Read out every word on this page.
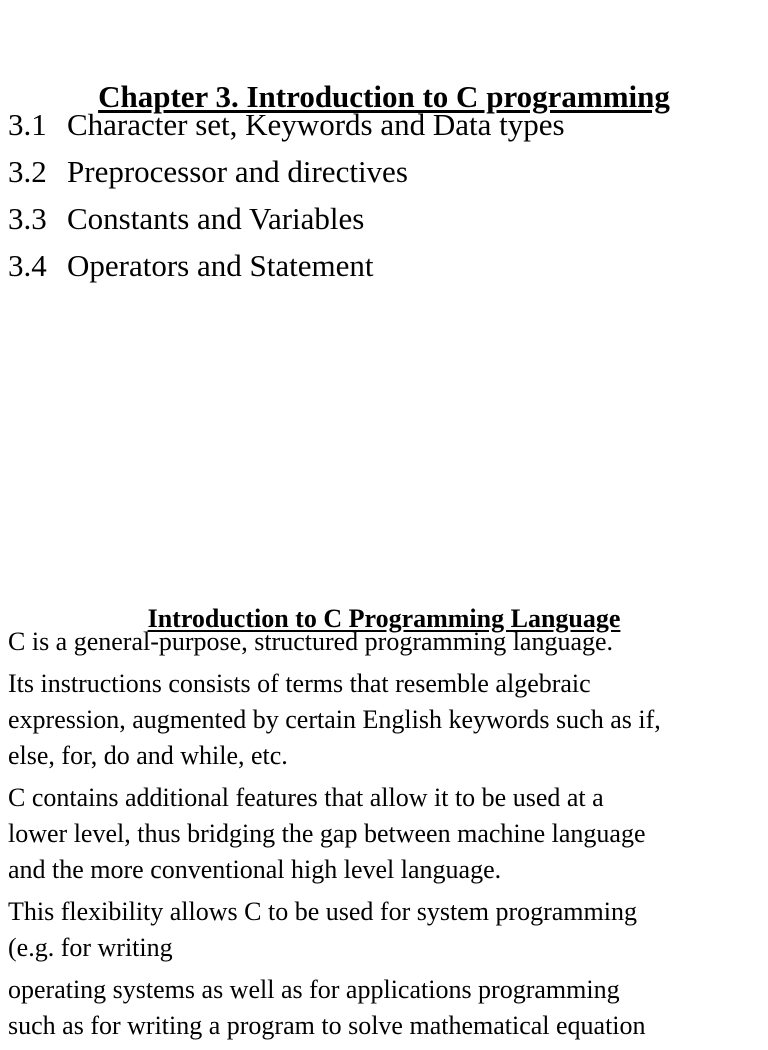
Chapter 3. Introduction to C programming
3.1 Character set, Keywords and Data types
3.2 Preprocessor and directives
3.3 Constants and Variables
3.4 Operators and Statement
Introduction to C Programming Language

C is a general-purpose, structured programming language.

Its instructions consists of terms that resemble algebraic
expression, augmented by certain English keywords such as if,
else, for, do and while, etc.

C contains additional features that allow it to be used at a
lower level, thus bridging the gap between machine language
and the more conventional high level language.

This flexibility allows C to be used for system programming
(e.g. for writing

operating systems as well as for applications programming
such as for writing a program to solve mathematical equation
